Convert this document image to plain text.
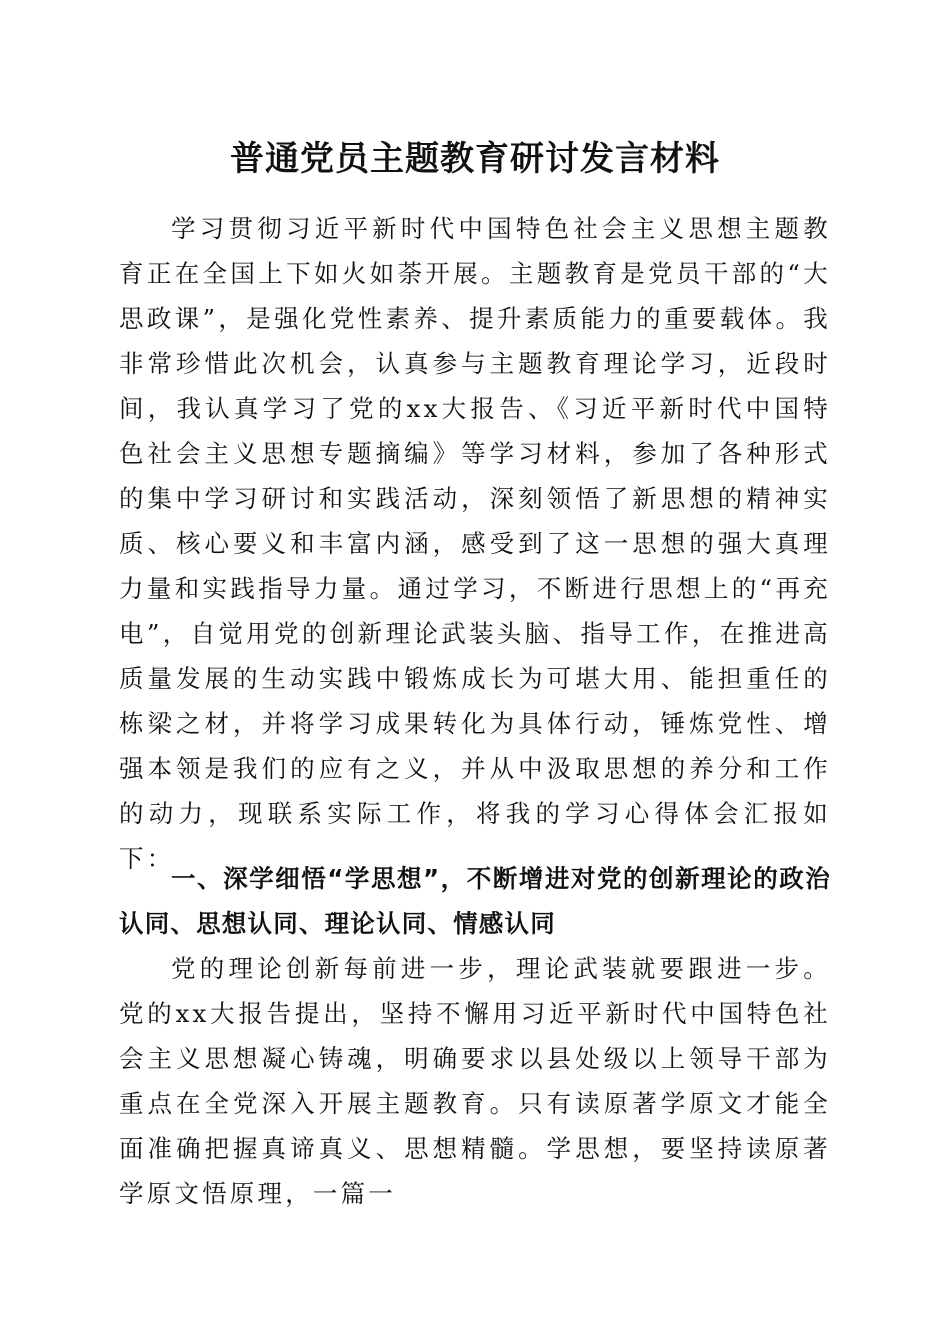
普通党员主题教育研讨发言材料

学习贯彻习近平新时代中国特色社会主义思想主题教育正在全国上下如火如荼开展。主题教育是党员干部的“大思政课”，是强化党性素养、提升素质能力的重要载体。我非常珍惜此次机会，认真参与主题教育理论学习，近段时间，我认真学习了党的xx大报告、《习近平新时代中国特色社会主义思想专题摘编》等学习材料，参加了各种形式的集中学习研讨和实践活动，深刻领悟了新思想的精神实质、核心要义和丰富内涵，感受到了这一思想的强大真理力量和实践指导力量。通过学习，不断进行思想上的“再充电”，自觉用党的创新理论武装头脑、指导工作，在推进高质量发展的生动实践中锻炼成长为可堪大用、能担重任的栋梁之材，并将学习成果转化为具体行动，锤炼党性、增强本领是我们的应有之义，并从中汲取思想的养分和工作的动力，现联系实际工作，将我的学习心得体会汇报如下：

一、深学细悟“学思想”，不断增进对党的创新理论的政治认同、思想认同、理论认同、情感认同

党的理论创新每前进一步，理论武装就要跟进一步。党的xx大报告提出，坚持不懈用习近平新时代中国特色社会主义思想凝心铸魂，明确要求以县处级以上领导干部为重点在全党深入开展主题教育。只有读原著学原文才能全面准确把握真谛真义、思想精髓。学思想，要坚持读原著学原文悟原理，一篇一
